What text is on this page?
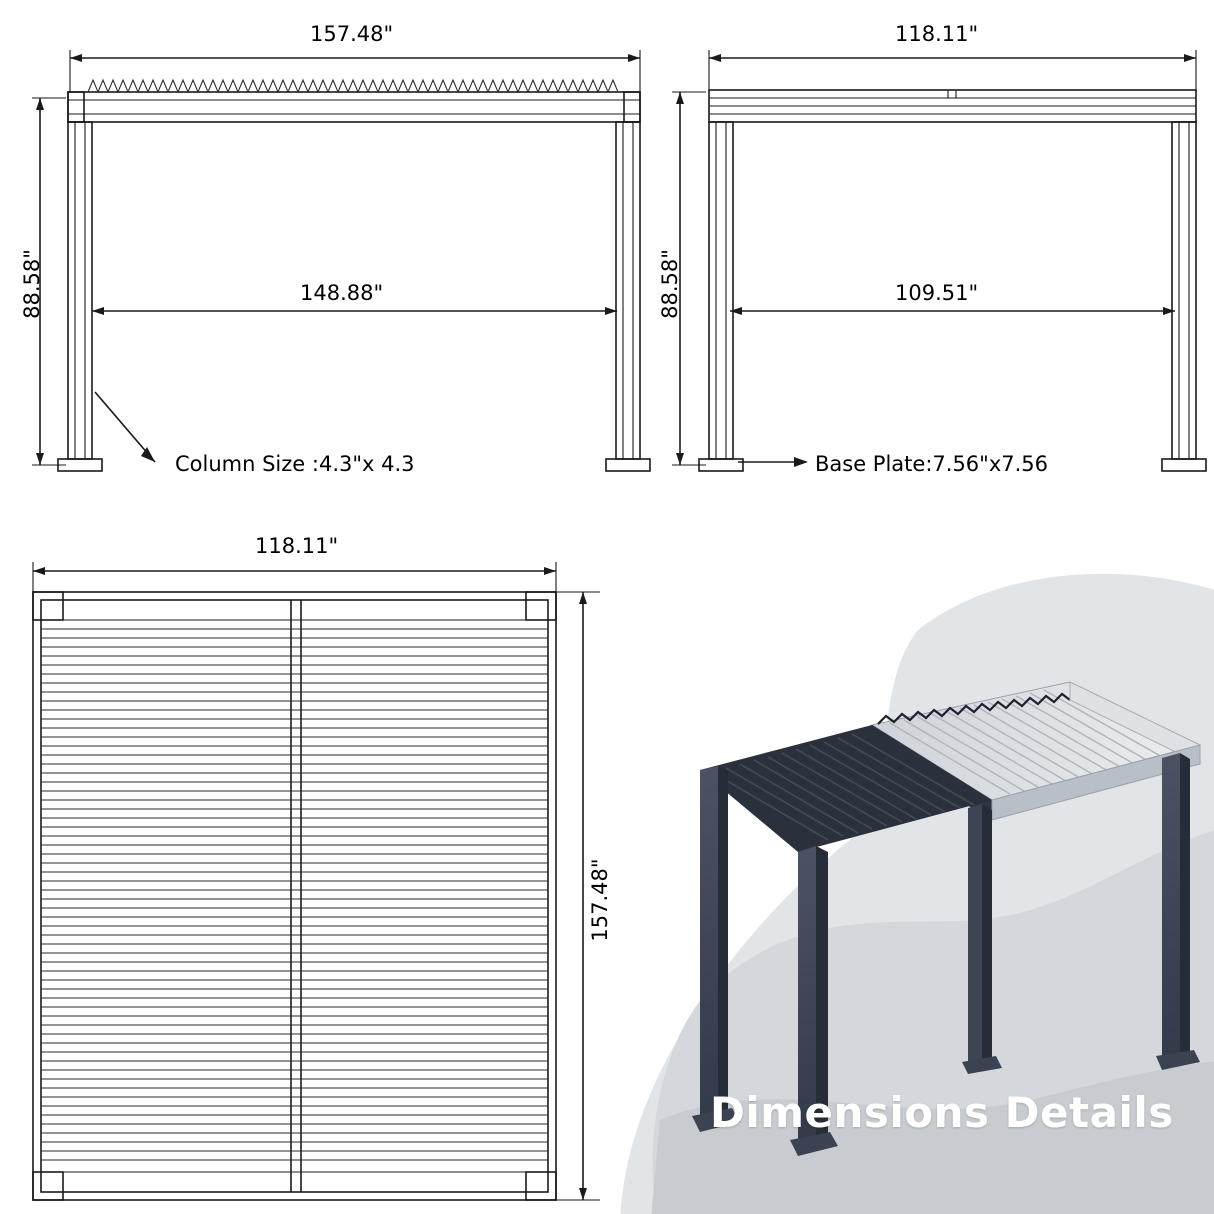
157.48"
88.58"	148.88"
Column Size :4.3"x 4.3
118.11"
88.58"	109.51"
Base Plate:7.56"x7.56
118.11"
157.48"
Dimensions Details
